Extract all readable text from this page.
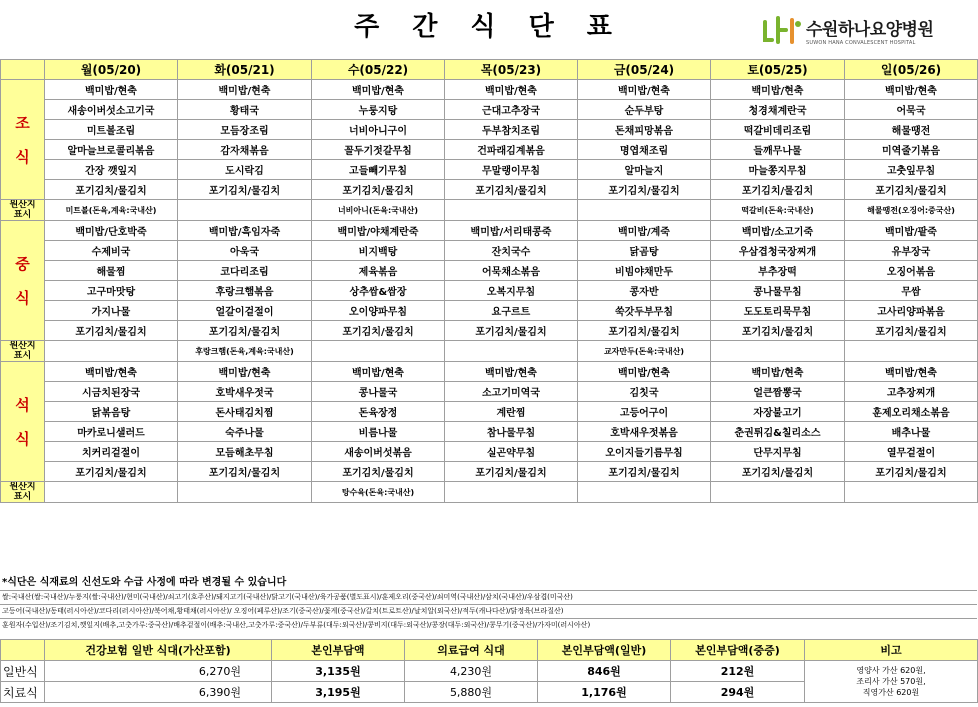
주 간 식 단 표	수원하나요양병원
SUWON HANA CONVALESCENT HOSPITAL
	월(05/20)	화(05/21)	수(05/22)	목(05/23)	금(05/24)	토(05/25)	일(05/26)
조
식	백미밥/현축	백미밥/현축	백미밥/현축	백미밥/현축	백미밥/현축	백미밥/현축	백미밥/현축
	새송이버섯소고기국	황태국	누룽지탕	근대고추장국	순두부탕	청경채계란국	어묵국
	미트볼조림	모듬장조림	너비아니구이	두부참치조림	돈채피망볶음	떡갈비데리조림	해물땡전
	알마늘브로콜리볶음	감자채볶음	꼴두기젓갈무침	건파래김계볶음	명엽채조림	들깨무나물	미역줄기볶음
	간장 깻잎지	도시락김	고들빼기무침	무말랭이무침	알마늘지	마늘쫑지무침	고춧잎무침
	포기김치/물김치	포기김치/물김치	포기김치/물김치	포기김치/물김치	포기김치/물김치	포기김치/물김치	포기김치/물김치
원산지
표시	미트볼(돈육,계육:국내산)		너비아니(돈육:국내산)			떡갈비(돈육:국내산)	해물땡전(오징어:중국산)
중
식	백미밥/단호박죽	백미밥/흑임자죽	백미밥/야채계란죽	백미밥/서리태콩죽	백미밥/계죽	백미밥/소고기죽	백미밥/팥죽
	수제비국	아욱국	비지백탕	잔치국수	닭곰탕	우삼겹청국장찌개	유부장국
	해물찜	코다리조림	제육볶음	어묵채소볶음	비빔야채만두	부추장떡	오징어볶음
	고구마맛탕	후랑크햄볶음	상추쌈&쌈장	오복지무침	콩자반	콩나물무침	무쌈
	가지나물	얼갈이겉절이	오이양파무침	요구르트	쑥갓두부무침	도도토리묵무침	고사리양파볶음
	포기김치/물김치	포기김치/물김치	포기김치/물김치	포기김치/물김치	포기김치/물김치	포기김치/물김치	포기김치/물김치
원산지
표시		후랑크햄(돈육,계육:국내산)			교자만두(돈육:국내산)		
석
식	백미밥/현축	백미밥/현축	백미밥/현축	백미밥/현축	백미밥/현축	백미밥/현축	백미밥/현축
	시금치된장국	호박새우젓국	콩나물국	소고기미역국	김칫국	얼큰짬뽕국	고추장찌개
	닭볶음탕	돈사태김치찜	돈육장정	계란찜	고등어구이	자장불고기	훈제오리채소볶음
	마카로니샐러드	숙주나물	비름나물	참나물무침	호박새우젓볶음	춘권튀김&칠리소스	배추나물
	치커리겉절이	모듬해초무침	새송이버섯볶음	실곤약무침	오이지들기름무침	단무지무침	열무겉절이
	포기김치/물김치	포기김치/물김치	포기김치/물김치	포기김치/물김치	포기김치/물김치	포기김치/물김치	포기김치/물김치
원산지
표시			탕수육(돈육:국내산)				
*식단은 식재료의 신선도와 수급 사정에 따라 변경될 수 있습니다
쌀:국내산(쌀:국내산)/누룽지(쌀:국내산)/현미(국내산)/쇠고기(호주산)/돼지고기(국내산)/닭고기(국내산)/육가공품(별도표시)/훈제오리(중국산)/쇠미역(국내산)/삼치(국내산)/우삼겹(미국산)
고등어(국내산)/동태(러시아산)/코다리(러시아산)/북어채,황태채(러시아산)/ 오징어(페루산)/조기(중국산)/꽃게(중국산)/갈치(트로트산)/날치알(외국산)/적두(캐나다산)/닭정육(브라질산)
훈원자(수입산)/조기김치,깻잎지(배추,고춧가루:중국산)/배추겉절이(배추:국내산,고춧가루:중국산)/두부류(대두:외국산)/콩비지(대두:외국산)/콩장(대두:외국산)/콩무기(중국산)/가자미(러시아산)
	건강보험 일반 식대(가산포함)	본인부담액	의료급여 식대	본인부담액(일반)	본인부담액(중증)	비고
일반식	6,270원	3,135원	4,230원	846원	212원	영양사 가산 620원,
조리사 가산 570원,
직영가산 620원
치료식	6,390원	3,195원	5,880원	1,176원	294원	
